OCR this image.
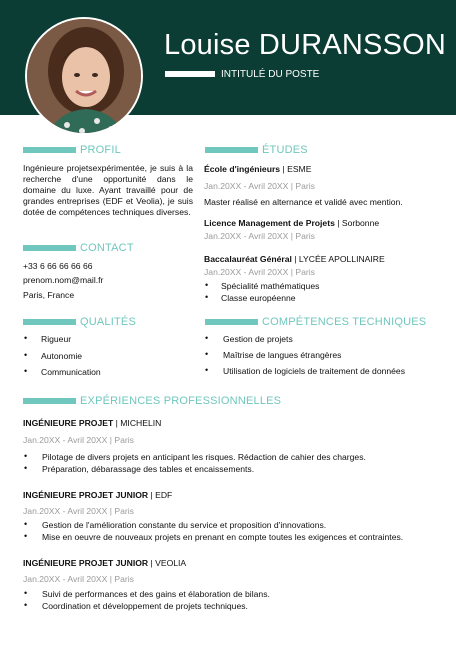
Louise DURANSSON
INTITULÉ DU POSTE
PROFIL
Ingénieure projetsexpérimentée, je suis à la recherche d'une opportunité dans le domaine du luxe. Ayant travaillé pour de grandes entreprises (EDF et Veolia), je suis dotée de compétences techniques diverses.
CONTACT
+33 6 66 66 66 66
prenom.nom@mail.fr
Paris, France
QUALITÉS
• Rigueur
• Autonomie
• Communication
ÉTUDES
École d'ingénieurs | ESME
Jan.20XX - Avril 20XX | Paris
Master réalisé en alternance et validé avec mention.
Licence Management de Projets | Sorbonne
Jan.20XX - Avril 20XX | Paris
Baccalauréat Général | LYCÉE APOLLINAIRE
Jan.20XX - Avril 20XX | Paris
• Spécialité mathématiques
• Classe européenne
COMPÉTENCES TECHNIQUES
• Gestion de projets
• Maîtrise de langues étrangères
• Utilisation de logiciels de traitement de données
EXPÉRIENCES PROFESSIONNELLES
INGÉNIEURE PROJET | MICHELIN
Jan.20XX - Avril 20XX | Paris
• Pilotage de divers projets en anticipant les risques. Rédaction de cahier des charges.
• Préparation, débarassage des tables et encaissements.
INGÉNIEURE PROJET JUNIOR | EDF
Jan.20XX - Avril 20XX | Paris
• Gestion de l'amélioration constante du service et proposition d'innovations.
• Mise en oeuvre de nouveaux projets en prenant en compte toutes les exigences et contraintes.
INGÉNIEURE PROJET JUNIOR | VEOLIA
Jan.20XX - Avril 20XX | Paris
• Suivi de performances et des gains et élaboration de bilans.
• Coordination et développement de projets techniques.
